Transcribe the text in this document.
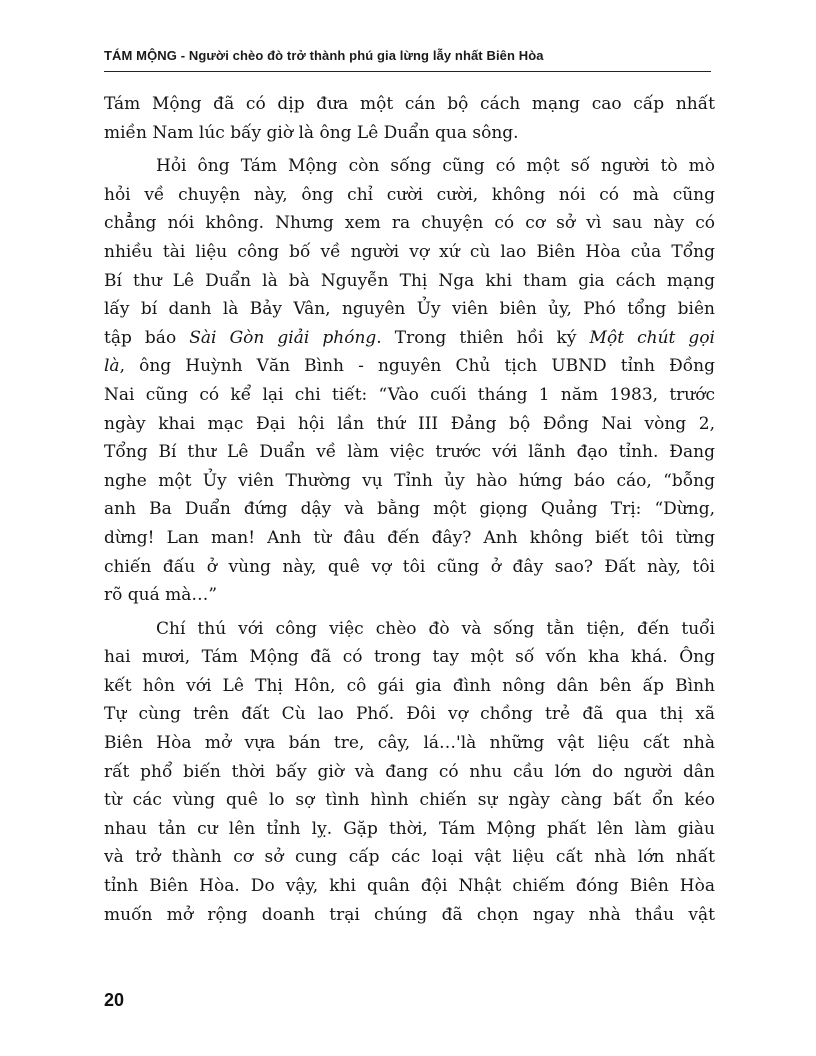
TÁM MỘNG - Người chèo đò trở thành phú gia lừng lẫy nhất Biên Hòa
Tám Mộng đã có dịp đưa một cán bộ cách mạng cao cấp nhất
miền Nam lúc bấy giờ là ông Lê Duẩn qua sông.
Hỏi ông Tám Mộng còn sống cũng có một số người tò mò
hỏi về chuyện này, ông chỉ cười cười, không nói có mà cũng
chẳng nói không. Nhưng xem ra chuyện có cơ sở vì sau này có
nhiều tài liệu công bố về người vợ xứ cù lao Biên Hòa của Tổng
Bí thư Lê Duẩn là bà Nguyễn Thị Nga khi tham gia cách mạng
lấy bí danh là Bảy Vân, nguyên Ủy viên biên ủy, Phó tổng biên
tập báo Sài Gòn giải phóng. Trong thiên hồi ký Một chút gọi
là, ông Huỳnh Văn Bình - nguyên Chủ tịch UBND tỉnh Đồng
Nai cũng có kể lại chi tiết: “Vào cuối tháng 1 năm 1983, trước
ngày khai mạc Đại hội lần thứ III Đảng bộ Đồng Nai vòng 2,
Tổng Bí thư Lê Duẩn về làm việc trước với lãnh đạo tỉnh. Đang
nghe một Ủy viên Thường vụ Tỉnh ủy hào hứng báo cáo, “bỗng
anh Ba Duẩn đứng dậy và bằng một giọng Quảng Trị: “Dừng,
dừng! Lan man! Anh từ đâu đến đây? Anh không biết tôi từng
chiến đấu ở vùng này, quê vợ tôi cũng ở đây sao? Đất này, tôi
rõ quá mà…”
Chí thú với công việc chèo đò và sống tằn tiện, đến tuổi
hai mươi, Tám Mộng đã có trong tay một số vốn kha khá. Ông
kết hôn với Lê Thị Hôn, cô gái gia đình nông dân bên ấp Bình
Tự cùng trên đất Cù lao Phố. Đôi vợ chồng trẻ đã qua thị xã
Biên Hòa mở vựa bán tre, cây, lá…'là những vật liệu cất nhà
rất phổ biến thời bấy giờ và đang có nhu cầu lớn do người dân
từ các vùng quê lo sợ tình hình chiến sự ngày càng bất ổn kéo
nhau tản cư lên tỉnh lỵ. Gặp thời, Tám Mộng phất lên làm giàu
và trở thành cơ sở cung cấp các loại vật liệu cất nhà lớn nhất
tỉnh Biên Hòa. Do vậy, khi quân đội Nhật chiếm đóng Biên Hòa
muốn mở rộng doanh trại chúng đã chọn ngay nhà thầu vật
20
